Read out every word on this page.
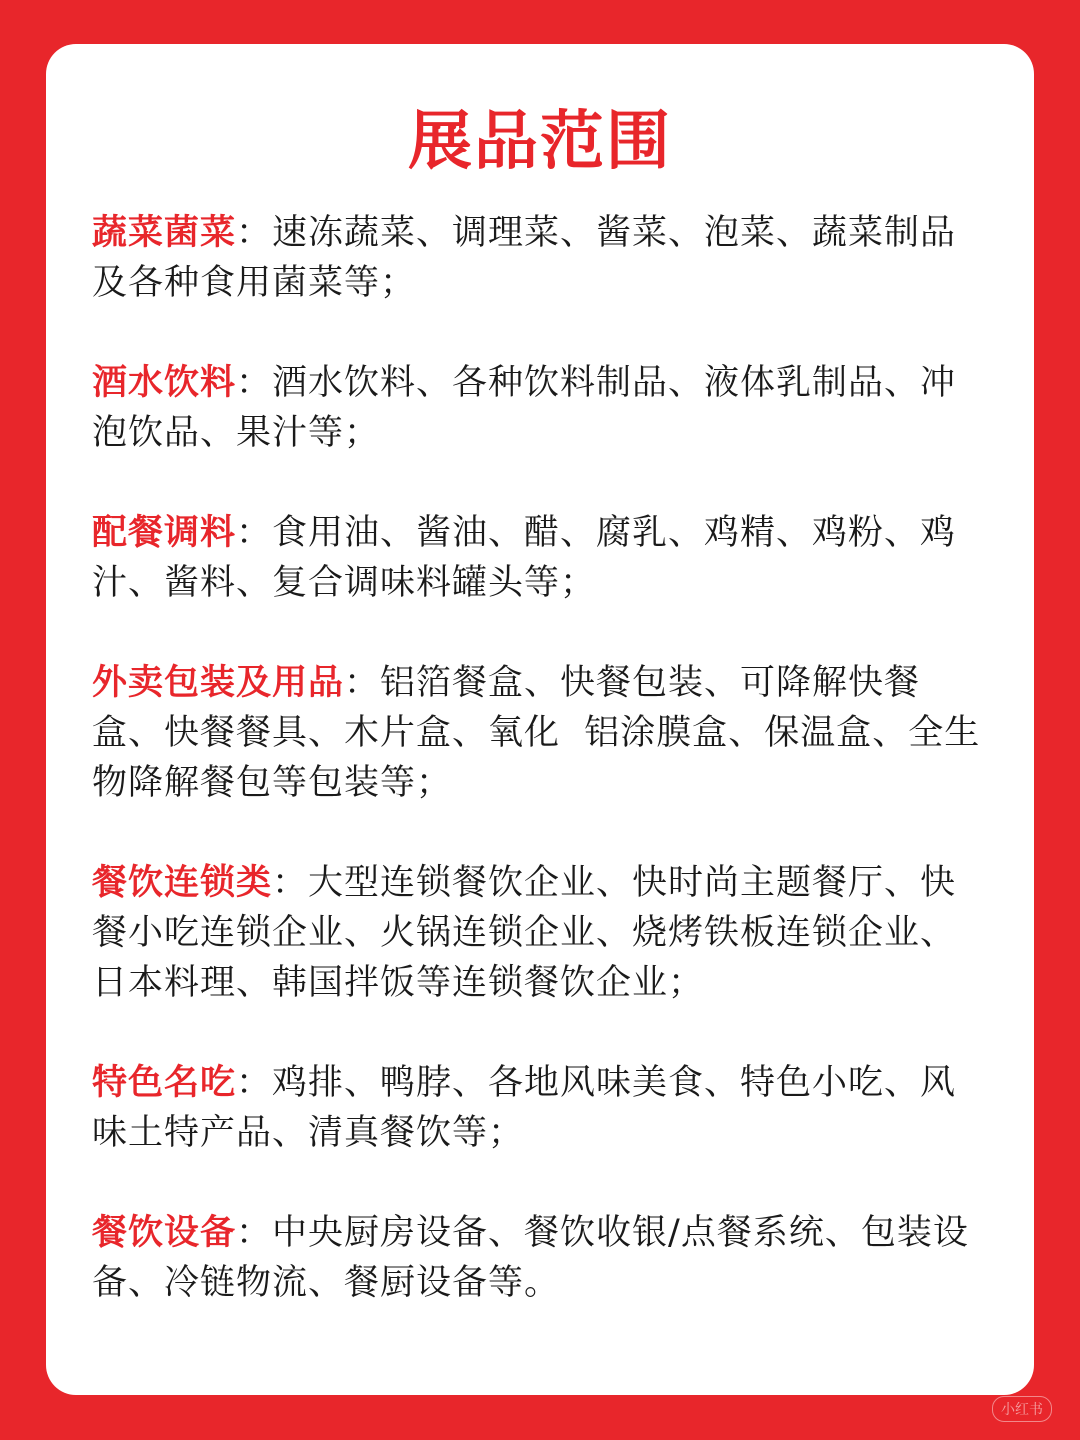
展品范围

蔬菜菌菜：速冻蔬菜、调理菜、酱菜、泡菜、蔬菜制品及各种食用菌菜等；

酒水饮料：酒水饮料、各种饮料制品、液体乳制品、冲泡饮品、果汁等；

配餐调料：食用油、酱油、醋、腐乳、鸡精、鸡粉、鸡汁、酱料、复合调味料罐头等；

外卖包装及用品：铝箔餐盒、快餐包装、可降解快餐盒、快餐餐具、木片盒、氧化  铝涂膜盒、保温盒、全生物降解餐包等包装等；

餐饮连锁类：大型连锁餐饮企业、快时尚主题餐厅、快餐小吃连锁企业、火锅连锁企业、烧烤铁板连锁企业、日本料理、韩国拌饭等连锁餐饮企业；

特色名吃：鸡排、鸭脖、各地风味美食、特色小吃、风味土特产品、清真餐饮等；

餐饮设备：中央厨房设备、餐饮收银/点餐系统、包装设备、冷链物流、餐厨设备等。

小红书
